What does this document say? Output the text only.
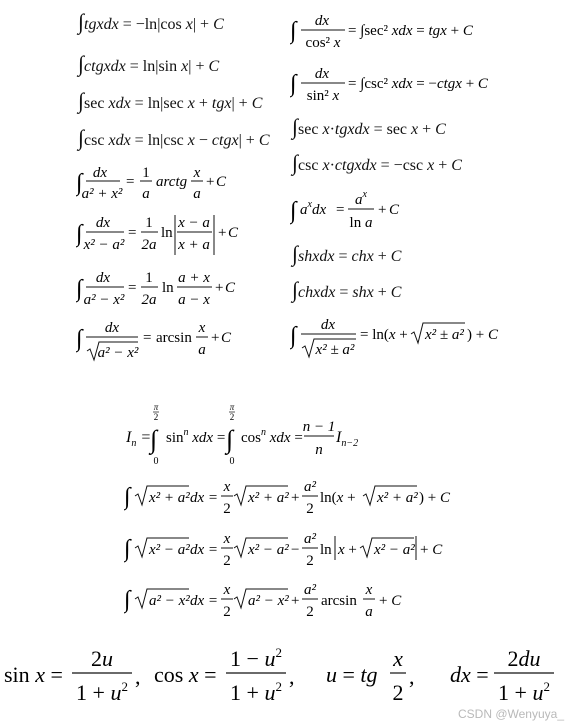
∫tgxdx = −ln|cos x| + C
∫ctgxdx = ln|sin x| + C
∫sec xdx = ln|sec x + tgx| + C
∫csc xdx = ln|csc x − ctgx| + C
∫ dx
a² + x²
=
1
a
arctg
x
a
+ C
∫ dx
x² − a²
=
1
2a
ln
x − a
x + a
+ C
∫ dx
a² − x²
=
1
2a
ln
a + x
a − x
+ C
∫ dx
a² − x²
= arcsin
x
a
+ C
∫ dx
cos² x
= ∫sec² xdx = tgx + C
∫ dx
sin² x
= ∫csc² xdx = −ctgx + C
∫sec x·tgxdx = sec x + C
∫csc x·ctgxdx = −csc x + C
∫ $a^xdx$ =
$a^x$
ln a
+ C
∫shxdx = chx + C
∫chxdx = shx + C
∫ dx
x² ± a²
= ln(x + x² ± a² ) + C
$I_n$ =
π
2
∫
0
$\sin^n$ xdx =
π
2
∫
0
$\cos^n$ xdx =
n − 1
n
$I_{n-2}$
∫ x² + a² dx =
x
2
x² + a² +
a²
2
ln(x + x² + a² ) + C
∫ x² − a² dx =
x
2
x² − a² −
a²
2
ln x + x² − a² + C
∫ a² − x² dx =
x
2
a² − x² +
a²
2
arcsin
x
a
+ C
sin x =
2u
$1 + u^2$ , cos x =
$1 - u^2$
$1 + u^2$ , u = tg
x
2
, dx =
2du
$1 + u^2$
CSDN @Wenyuya_
